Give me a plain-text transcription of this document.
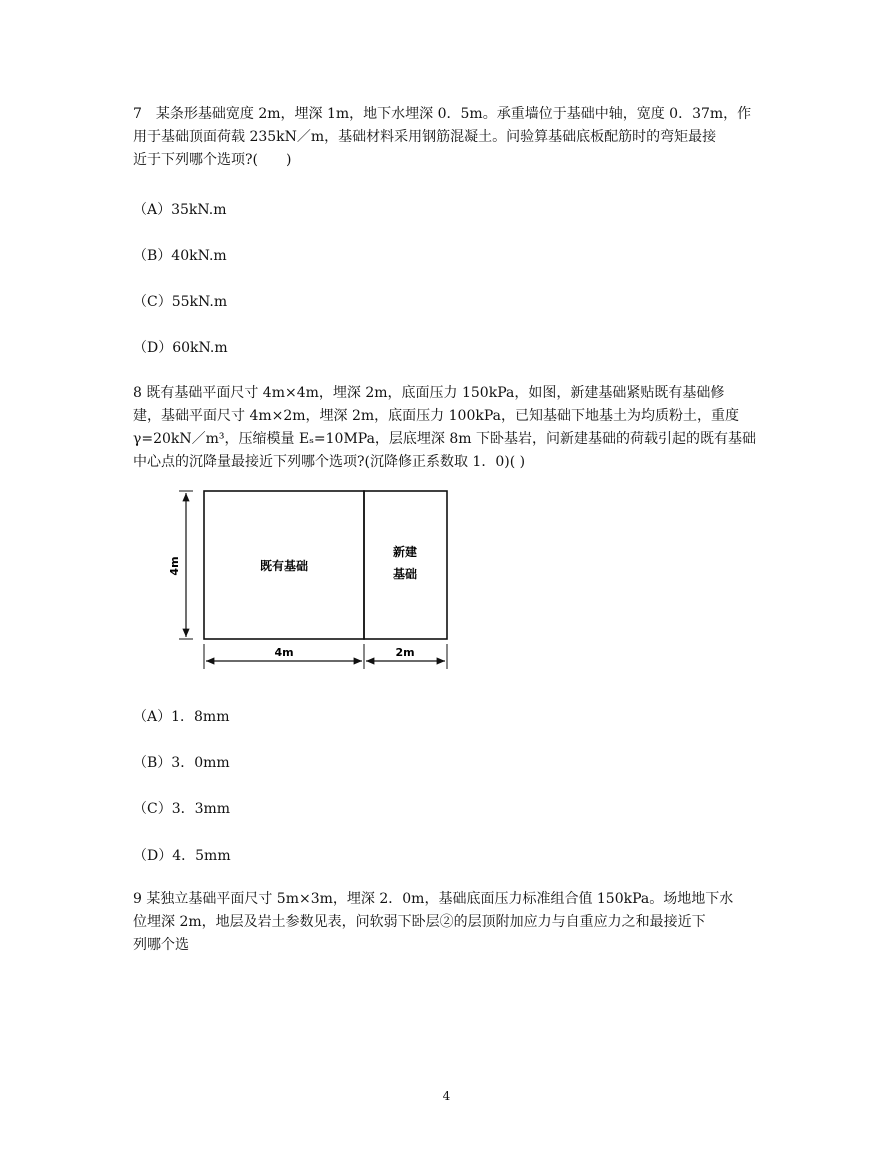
7　某条形基础宽度 2m，埋深 1m，地下水埋深 0．5m。承重墙位于基础中轴，宽度 0．37m，作
用于基础顶面荷载 235kN／m，基础材料采用钢筋混凝土。问验算基础底板配筋时的弯矩最接
近于下列哪个选项?(　　)
（A）35kN.m
（B）40kN.m
（C）55kN.m
（D）60kN.m
8 既有基础平面尺寸 4m×4m，埋深 2m，底面压力 150kPa，如图，新建基础紧贴既有基础修
建，基础平面尺寸 4m×2m，埋深 2m，底面压力 100kPa，已知基础下地基土为均质粉土，重度
γ=20kN／m³，压缩模量 Eₛ=10MPa，层底埋深 8m 下卧基岩，问新建基础的荷载引起的既有基础
中心点的沉降量最接近下列哪个选项?(沉降修正系数取 1．0)( )
既有基础
新建
基础
4m
4m	2m
（A）1．8mm
（B）3．0mm
（C）3．3mm
（D）4．5mm
9 某独立基础平面尺寸 5m×3m，埋深 2．0m，基础底面压力标准组合值 150kPa。场地地下水
位埋深 2m，地层及岩土参数见表，问软弱下卧层②的层顶附加应力与自重应力之和最接近下
列哪个选
4
